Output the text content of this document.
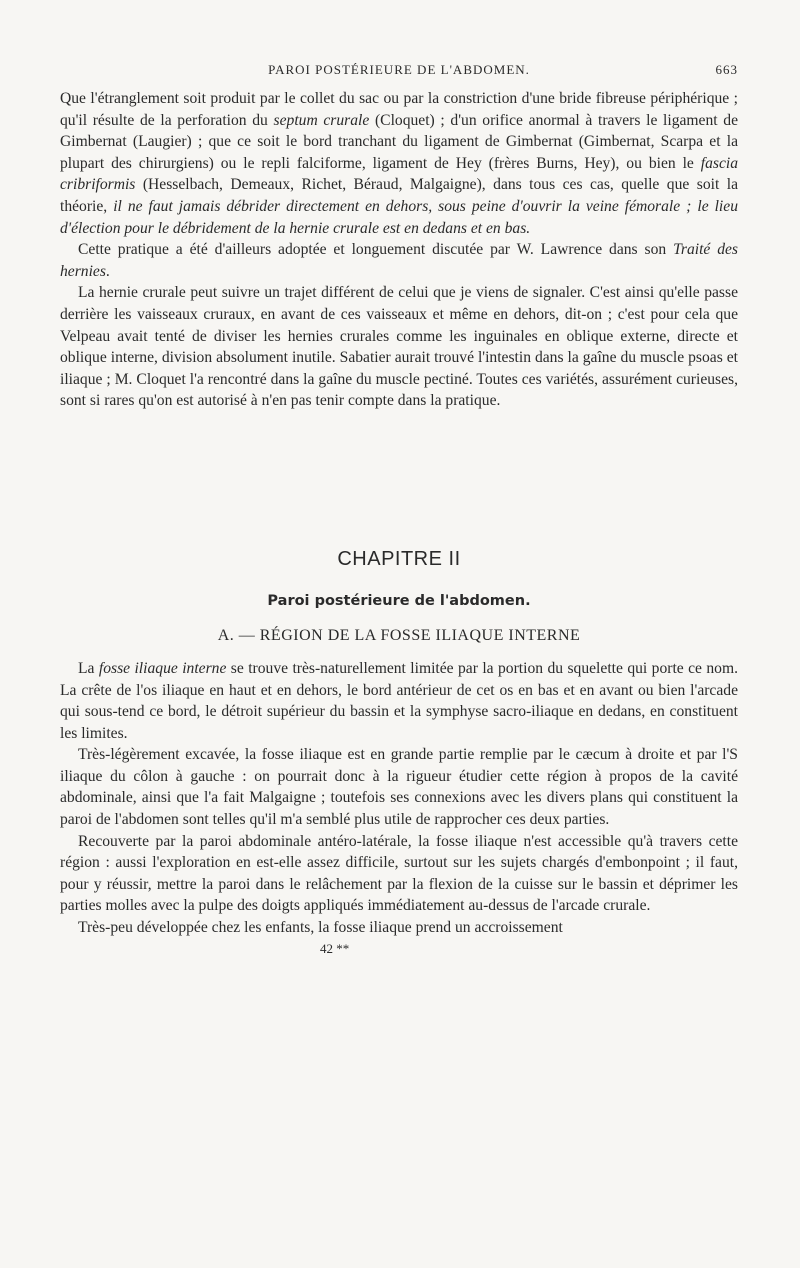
PAROI POSTÉRIEURE DE L'ABDOMEN.	663

Que l'étranglement soit produit par le collet du sac ou par la constriction d'une bride fibreuse périphérique ; qu'il résulte de la perforation du septum crurale (Cloquet) ; d'un orifice anormal à travers le ligament de Gimbernat (Laugier) ; que ce soit le bord tranchant du ligament de Gimbernat (Gimbernat, Scarpa et la plupart des chirurgiens) ou le repli falciforme, ligament de Hey (frères Burns, Hey), ou bien le fascia cribriformis (Hesselbach, Demeaux, Richet, Béraud, Malgaigne), dans tous ces cas, quelle que soit la théorie, il ne faut jamais débrider directement en dehors, sous peine d'ouvrir la veine fémorale ; le lieu d'élection pour le débridement de la hernie crurale est en dedans et en bas.

Cette pratique a été d'ailleurs adoptée et longuement discutée par W. Lawrence dans son Traité des hernies.

La hernie crurale peut suivre un trajet différent de celui que je viens de signaler. C'est ainsi qu'elle passe derrière les vaisseaux cruraux, en avant de ces vaisseaux et même en dehors, dit-on ; c'est pour cela que Velpeau avait tenté de diviser les hernies crurales comme les inguinales en oblique externe, directe et oblique interne, division absolument inutile. Sabatier aurait trouvé l'intestin dans la gaîne du muscle psoas et iliaque ; M. Cloquet l'a rencontré dans la gaîne du muscle pectiné. Toutes ces variétés, assurément curieuses, sont si rares qu'on est autorisé à n'en pas tenir compte dans la pratique.

CHAPITRE II
Paroi postérieure de l'abdomen.
A. — RÉGION DE LA FOSSE ILIAQUE INTERNE

La fosse iliaque interne se trouve très-naturellement limitée par la portion du squelette qui porte ce nom. La crête de l'os iliaque en haut et en dehors, le bord antérieur de cet os en bas et en avant ou bien l'arcade qui sous-tend ce bord, le détroit supérieur du bassin et la symphyse sacro-iliaque en dedans, en constituent les limites.

Très-légèrement excavée, la fosse iliaque est en grande partie remplie par le cæcum à droite et par l'S iliaque du côlon à gauche : on pourrait donc à la rigueur étudier cette région à propos de la cavité abdominale, ainsi que l'a fait Malgaigne ; toutefois ses connexions avec les divers plans qui constituent la paroi de l'abdomen sont telles qu'il m'a semblé plus utile de rapprocher ces deux parties.

Recouverte par la paroi abdominale antéro-latérale, la fosse iliaque n'est accessible qu'à travers cette région : aussi l'exploration en est-elle assez difficile, surtout sur les sujets chargés d'embonpoint ; il faut, pour y réussir, mettre la paroi dans le relâchement par la flexion de la cuisse sur le bassin et déprimer les parties molles avec la pulpe des doigts appliqués immédiatement au-dessus de l'arcade crurale.

Très-peu développée chez les enfants, la fosse iliaque prend un accroissement

42 **
